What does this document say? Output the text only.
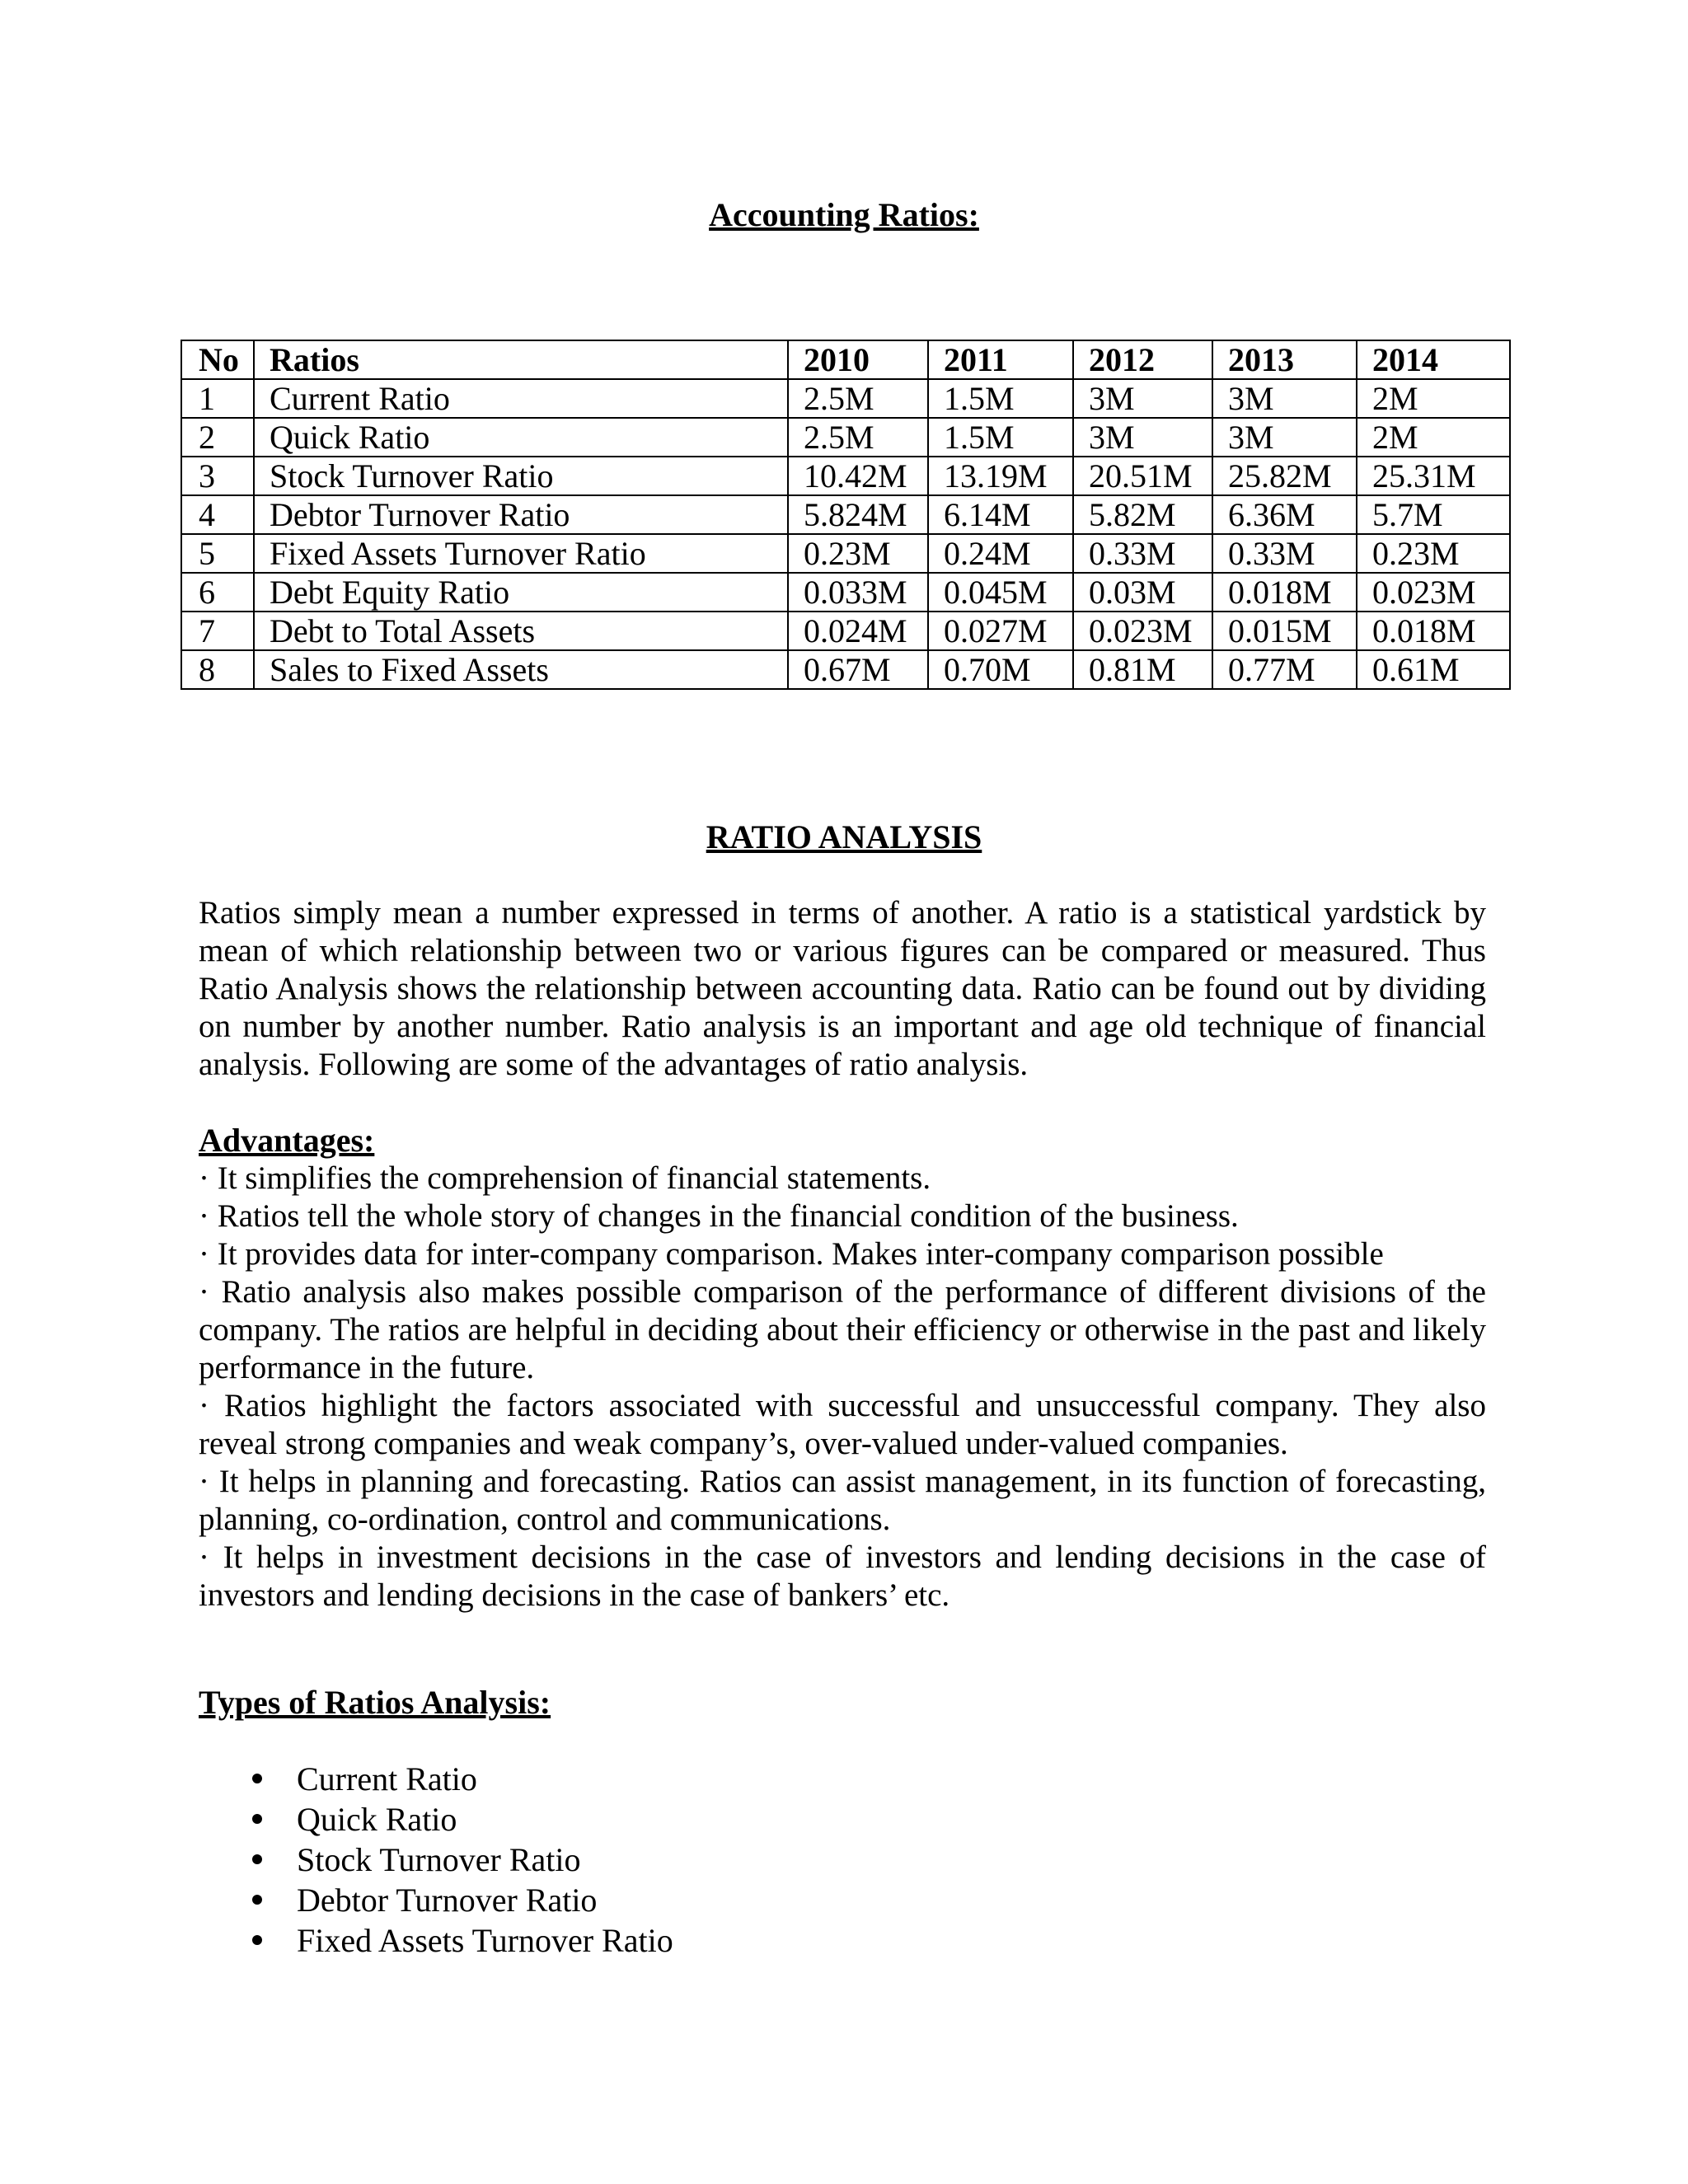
Accounting Ratios:
No	Ratios	2010	2011	2012	2013	2014
1	Current Ratio	2.5M	1.5M	3M	3M	2M
2	Quick Ratio	2.5M	1.5M	3M	3M	2M
3	Stock Turnover Ratio	10.42M	13.19M	20.51M	25.82M	25.31M
4	Debtor Turnover Ratio	5.824M	6.14M	5.82M	6.36M	5.7M
5	Fixed Assets Turnover Ratio	0.23M	0.24M	0.33M	0.33M	0.23M
6	Debt Equity Ratio	0.033M	0.045M	0.03M	0.018M	0.023M
7	Debt to Total Assets	0.024M	0.027M	0.023M	0.015M	0.018M
8	Sales to Fixed Assets	0.67M	0.70M	0.81M	0.77M	0.61M
RATIO ANALYSIS

Ratios simply mean a number expressed in terms of another. A ratio is a statistical yardstick by mean of which relationship between two or various figures can be compared or measured. Thus Ratio Analysis shows the relationship between accounting data. Ratio can be found out by dividing on number by another number. Ratio analysis is an important and age old technique of financial analysis. Following are some of the advantages of ratio analysis.

Advantages:
· It simplifies the comprehension of financial statements.
· Ratios tell the whole story of changes in the financial condition of the business.
· It provides data for inter-company comparison. Makes inter-company comparison possible
· Ratio analysis also makes possible comparison of the performance of different divisions of the company. The ratios are helpful in deciding about their efficiency or otherwise in the past and likely performance in the future.
· Ratios highlight the factors associated with successful and unsuccessful company. They also reveal strong companies and weak company’s, over-valued under-valued companies.
· It helps in planning and forecasting. Ratios can assist management, in its function of forecasting, planning, co-ordination, control and communications.
· It helps in investment decisions in the case of investors and lending decisions in the case of investors and lending decisions in the case of bankers’ etc.
Types of Ratios Analysis:
Current Ratio
Quick Ratio
Stock Turnover Ratio
Debtor Turnover Ratio
Fixed Assets Turnover Ratio
